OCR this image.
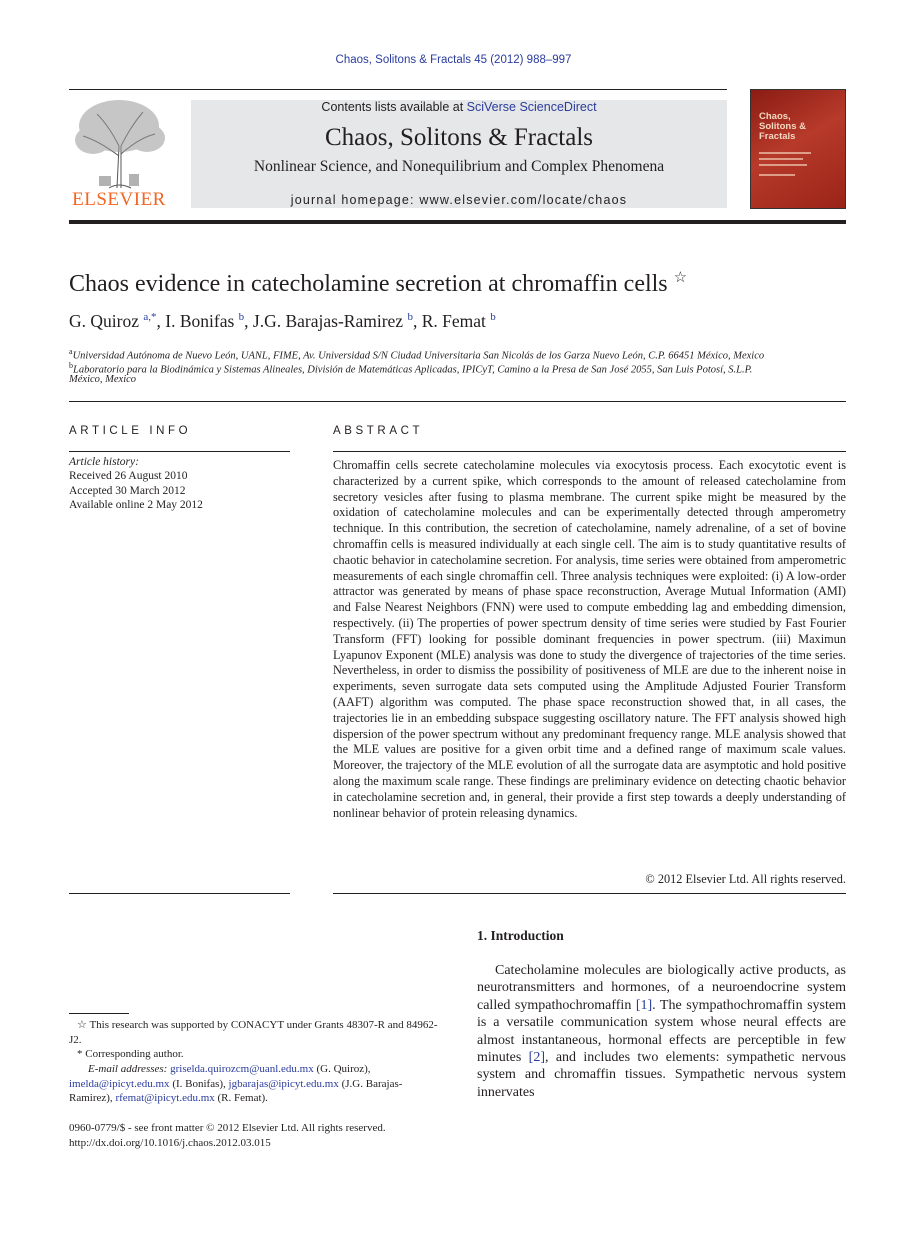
Chaos, Solitons & Fractals 45 (2012) 988–997
ELSEVIER
Contents lists available at SciVerse ScienceDirect
Chaos, Solitons & Fractals
Nonlinear Science, and Nonequilibrium and Complex Phenomena
journal homepage: www.elsevier.com/locate/chaos
Chaos, Solitons & Fractals
Chaos evidence in catecholamine secretion at chromaffin cells ☆
G. Quiroz $^{a,*}$, I. Bonifas $^b$, J.G. Barajas-Ramirez $^b$, R. Femat $^b$
$^a$Universidad Autónoma de Nuevo León, UANL, FIME, Av. Universidad S/N Ciudad Universitaria San Nicolás de los Garza Nuevo León, C.P. 66451 México, Mexico
$^b$Laboratorio para la Biodinámica y Sistemas Alineales, División de Matemáticas Aplicadas, IPICyT, Camino a la Presa de San José 2055, San Luis Potosí, S.L.P.
México, Mexico
ARTICLE INFO	ABSTRACT
Article history:
Received 26 August 2010
Accepted 30 March 2012
Available online 2 May 2012
Chromaffin cells secrete catecholamine molecules via exocytosis process. Each exocytotic event is characterized by a current spike, which corresponds to the amount of released catecholamine from secretory vesicles after fusing to plasma membrane. The current spike might be measured by the oxidation of catecholamine molecules and can be experimentally detected through amperometry technique. In this contribution, the secretion of catecholamine, namely adrenaline, of a set of bovine chromaffin cells is measured individually at each single cell. The aim is to study quantitative results of chaotic behavior in catecholamine secretion. For analysis, time series were obtained from amperometric measurements of each single chromaffin cell. Three analysis techniques were exploited: (i) A low-order attractor was generated by means of phase space reconstruction, Average Mutual Information (AMI) and False Nearest Neighbors (FNN) were used to compute embedding lag and embedding dimension, respectively. (ii) The properties of power spectrum density of time series were studied by Fast Fourier Transform (FFT) looking for possible dominant frequencies in power spectrum. (iii) Maximun Lyapunov Exponent (MLE) analysis was done to study the divergence of trajectories of the time series. Nevertheless, in order to dismiss the possibility of positiveness of MLE are due to the inherent noise in experiments, seven surrogate data sets computed using the Amplitude Adjusted Fourier Transform (AAFT) algorithm was computed. The phase space reconstruction showed that, in all cases, the trajectories lie in an embedding subspace suggesting oscillatory nature. The FFT analysis showed high dispersion of the power spectrum without any predominant frequency range. MLE analysis showed that the MLE values are positive for a given orbit time and a defined range of maximum scale values. Moreover, the trajectory of the MLE evolution of all the surrogate data are asymptotic and hold positive along the maximum scale range. These findings are preliminary evidence on detecting chaotic behavior in catecholamine secretion and, in general, their provide a first step towards a deeply understanding of nonlinear behavior of protein releasing dynamics.
© 2012 Elsevier Ltd. All rights reserved.
1. Introduction
Catecholamine molecules are biologically active products, as neurotransmitters and hormones, of a neuroendocrine system called sympathochromaffin [1]. The sympathochromaffin system is a versatile communication system whose neural effects are almost instantaneous, hormonal effects are perceptible in few minutes [2], and includes two elements: sympathetic nervous system and chromaffin tissues. Sympathetic nervous system innervates
☆ This research was supported by CONACYT under Grants 48307-R and 84962-J2.
* Corresponding author.
E-mail addresses: griselda.quirozcm@uanl.edu.mx (G. Quiroz), imelda@ipicyt.edu.mx (I. Bonifas), jgbarajas@ipicyt.edu.mx (J.G. Barajas-Ramirez), rfemat@ipicyt.edu.mx (R. Femat).
0960-0779/$ - see front matter © 2012 Elsevier Ltd. All rights reserved.
http://dx.doi.org/10.1016/j.chaos.2012.03.015
